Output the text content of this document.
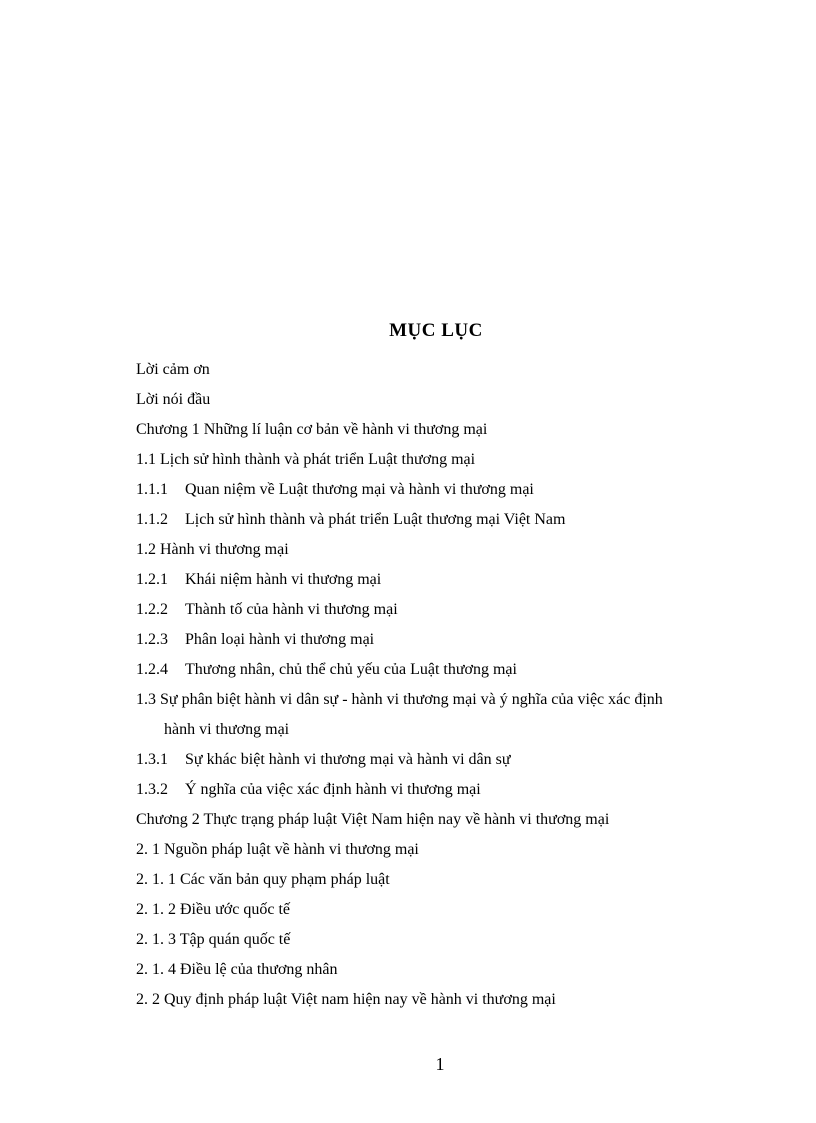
MỤC LỤC
Lời cảm ơn
Lời nói đầu
Chương 1 Những lí luận cơ bản về hành vi thương mại
1.1 Lịch sử hình thành và phát triển Luật thương mại
1.1.1 Quan niệm về Luật thương mại và hành vi thương mại
1.1.2 Lịch sử hình thành và phát triển Luật thương mại Việt Nam
1.2 Hành vi thương mại
1.2.1 Khái niệm hành vi thương mại
1.2.2 Thành tố của hành vi thương mại
1.2.3 Phân loại hành vi thương mại
1.2.4 Thương nhân, chủ thể chủ yếu của Luật thương mại
1.3 Sự phân biệt hành vi dân sự - hành vi thương mại và ý nghĩa của việc xác định
hành vi thương mại
1.3.1 Sự khác biệt hành vi thương mại và hành vi dân sự
1.3.2 Ý nghĩa của việc xác định hành vi thương mại
Chương 2 Thực trạng pháp luật Việt Nam hiện nay về hành vi thương mại
2. 1 Nguồn pháp luật về hành vi thương mại
2. 1. 1 Các văn bản quy phạm pháp luật
2. 1. 2 Điều ước quốc tế
2. 1. 3 Tập quán quốc tế
2. 1. 4 Điều lệ của thương nhân
2. 2 Quy định pháp luật Việt nam hiện nay về hành vi thương mại
1
